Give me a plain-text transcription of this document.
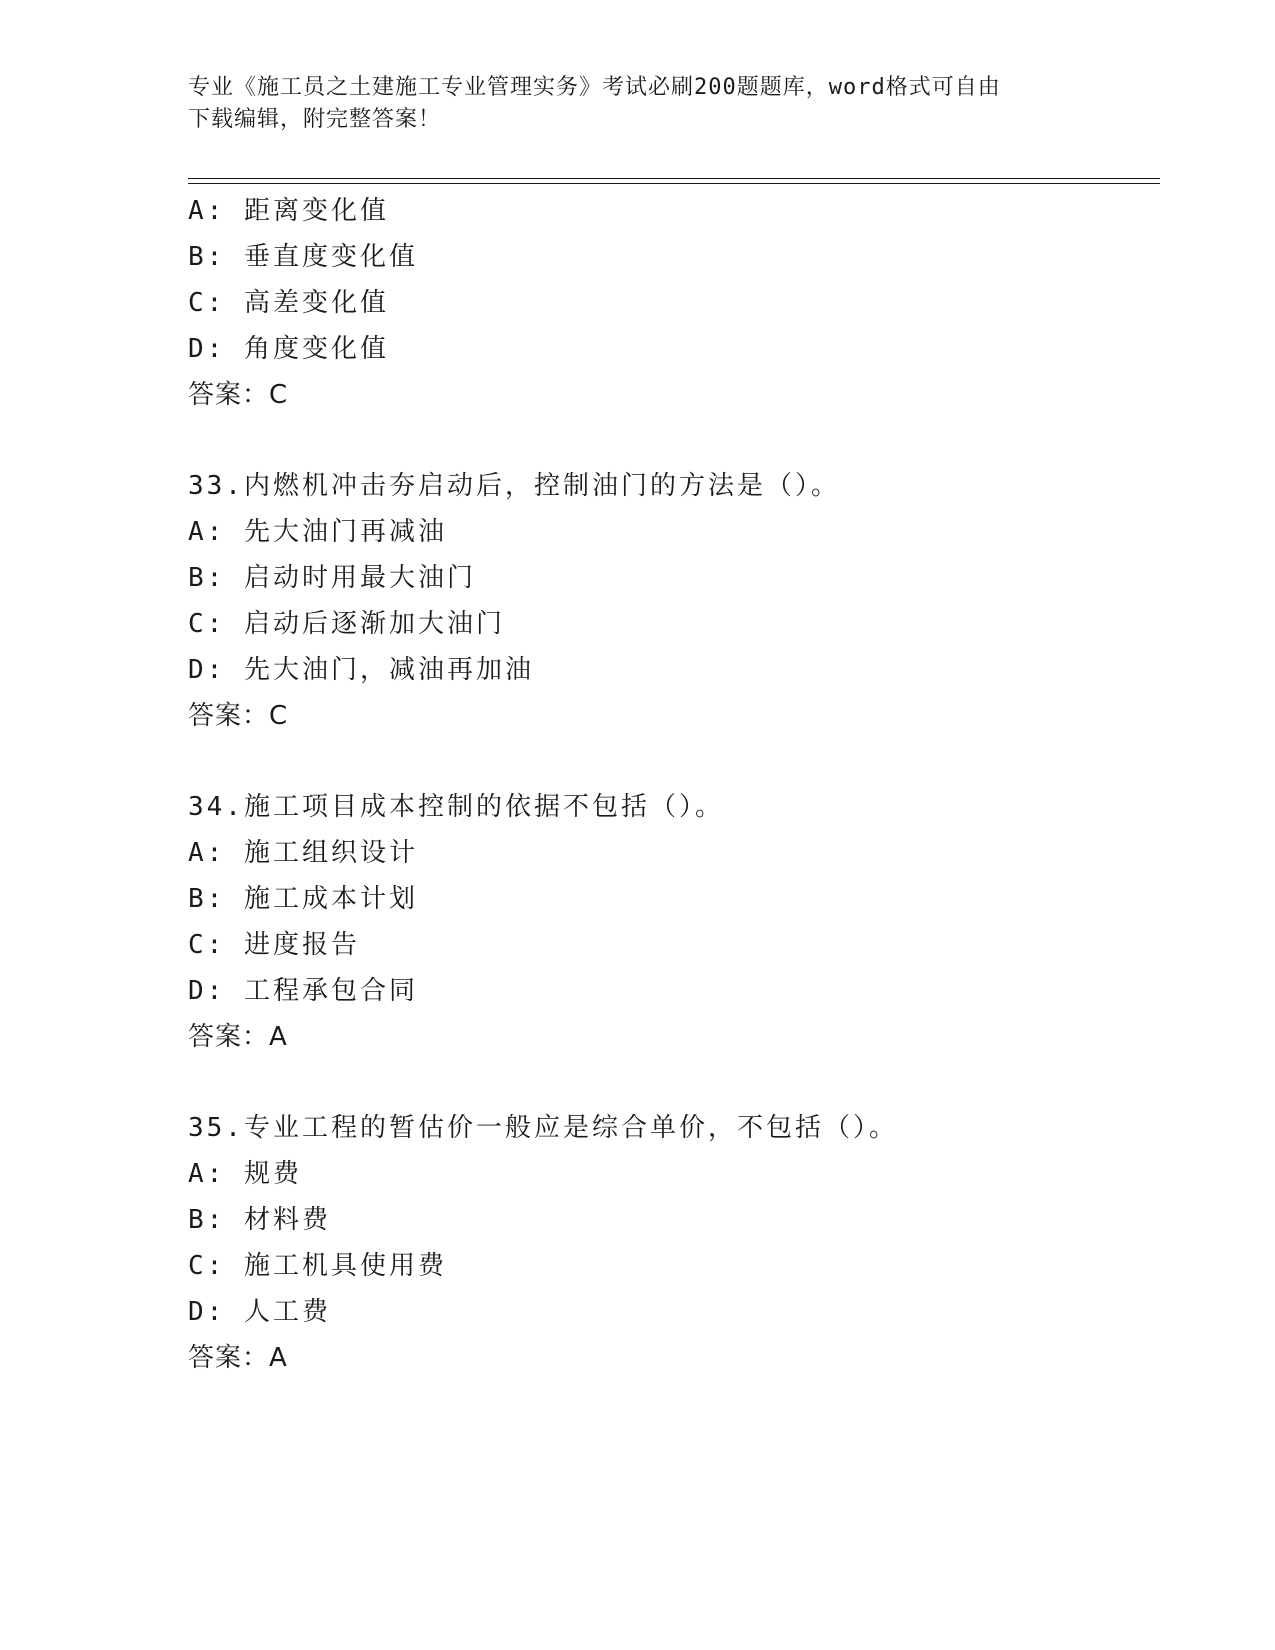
专业《施工员之土建施工专业管理实务》考试必刷200题题库，word格式可自由
下载编辑，附完整答案！
A: 距离变化值
B: 垂直度变化值
C: 高差变化值
D: 角度变化值
答案：C
33.内燃机冲击夯启动后，控制油门的方法是（）。
A: 先大油门再减油
B: 启动时用最大油门
C: 启动后逐渐加大油门
D: 先大油门，减油再加油
答案：C
34.施工项目成本控制的依据不包括（）。
A: 施工组织设计
B: 施工成本计划
C: 进度报告
D: 工程承包合同
答案：A
35.专业工程的暂估价一般应是综合单价，不包括（）。
A: 规费
B: 材料费
C: 施工机具使用费
D: 人工费
答案：A
